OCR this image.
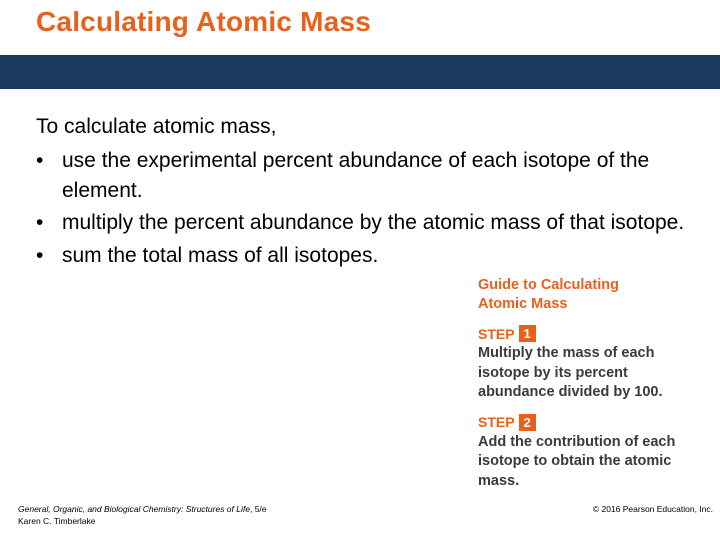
Calculating Atomic Mass
To calculate atomic mass,
• use the experimental percent abundance of each isotope of the element.
• multiply the percent abundance by the atomic mass of that isotope.
• sum the total mass of all isotopes.
Guide to Calculating
Atomic Mass
STEP 1
Multiply the mass of each
isotope by its percent
abundance divided by 100.
STEP 2
Add the contribution of each
isotope to obtain the atomic
mass.
General, Organic, and Biological Chemistry: Structures of Life, 5/e
Karen C. Timberlake
© 2016 Pearson Education, Inc.
